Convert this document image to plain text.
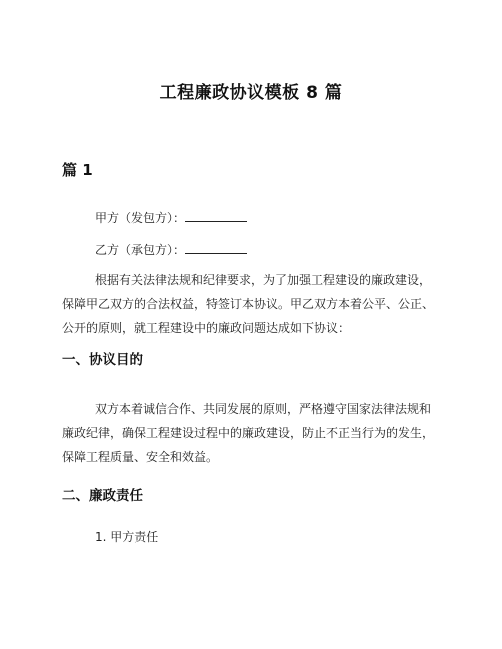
工程廉政协议模板 8 篇
篇 1
甲方（发包方）：
乙方（承包方）：
根据有关法律法规和纪律要求，为了加强工程建设的廉政建设，
保障甲乙双方的合法权益，特签订本协议。甲乙双方本着公平、公正、
公开的原则，就工程建设中的廉政问题达成如下协议：
一、协议目的
双方本着诚信合作、共同发展的原则，严格遵守国家法律法规和
廉政纪律，确保工程建设过程中的廉政建设，防止不正当行为的发生，
保障工程质量、安全和效益。
二、廉政责任
1. 甲方责任
